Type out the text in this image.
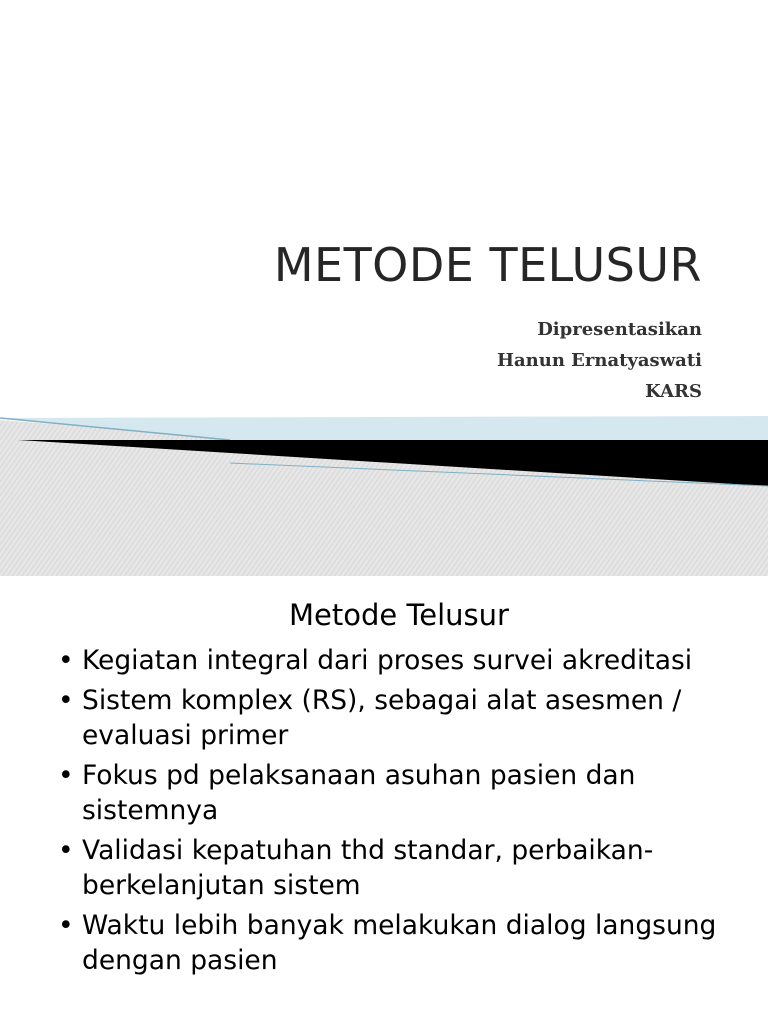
METODE TELUSUR
Dipresentasikan
Hanun Ernatyaswati
KARS
Metode Telusur
• Kegiatan integral dari proses survei akreditasi
• Sistem komplex (RS), sebagai alat asesmen / evaluasi primer
• Fokus pd pelaksanaan asuhan pasien dan sistemnya
• Validasi kepatuhan thd standar, perbaikan-berkelanjutan sistem
• Waktu lebih banyak melakukan dialog langsung dengan pasien
